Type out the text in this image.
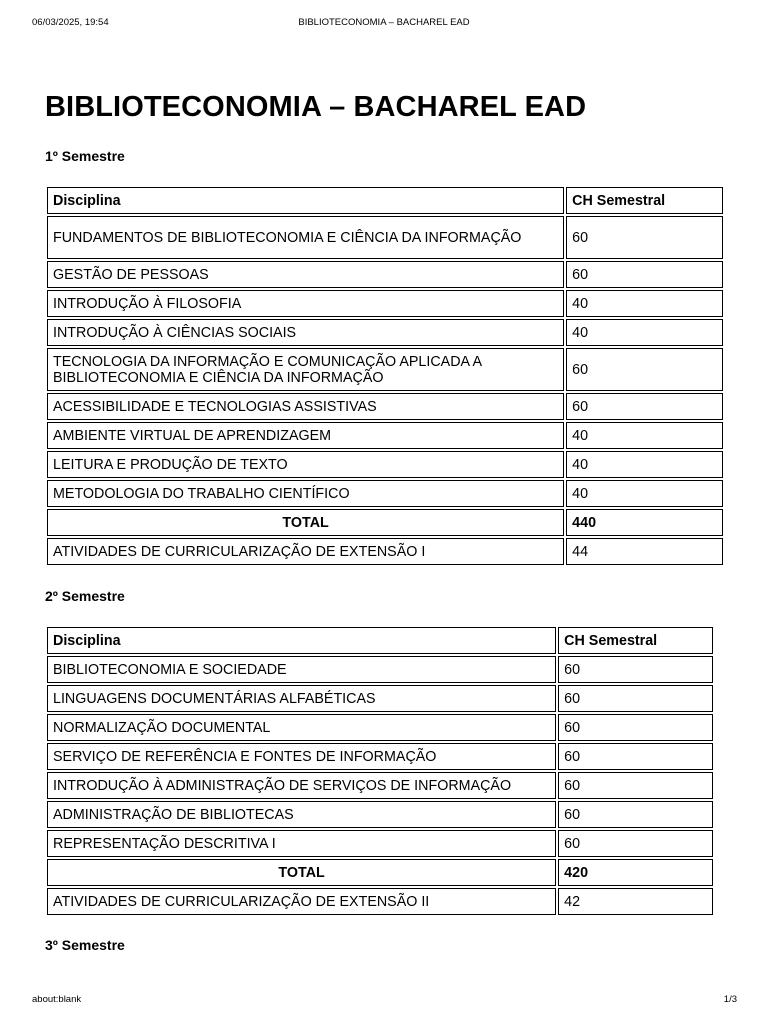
06/03/2025, 19:54	BIBLIOTECONOMIA – BACHAREL EAD
BIBLIOTECONOMIA – BACHAREL EAD
1º Semestre
Disciplina	CH Semestral
FUNDAMENTOS DE BIBLIOTECONOMIA E CIÊNCIA DA INFORMAÇÃO	60
GESTÃO DE PESSOAS	60
INTRODUÇÃO À FILOSOFIA	40
INTRODUÇÃO À CIÊNCIAS SOCIAIS	40
TECNOLOGIA DA INFORMAÇÃO E COMUNICAÇÃO APLICADA A BIBLIOTECONOMIA E CIÊNCIA DA INFORMAÇÃO	60
ACESSIBILIDADE E TECNOLOGIAS ASSISTIVAS	60
AMBIENTE VIRTUAL DE APRENDIZAGEM	40
LEITURA E PRODUÇÃO DE TEXTO	40
METODOLOGIA DO TRABALHO CIENTÍFICO	40
TOTAL	440
ATIVIDADES DE CURRICULARIZAÇÃO DE EXTENSÃO I	44
2º Semestre
Disciplina	CH Semestral
BIBLIOTECONOMIA E SOCIEDADE	60
LINGUAGENS DOCUMENTÁRIAS ALFABÉTICAS	60
NORMALIZAÇÃO DOCUMENTAL	60
SERVIÇO DE REFERÊNCIA E FONTES DE INFORMAÇÃO	60
INTRODUÇÃO À ADMINISTRAÇÃO DE SERVIÇOS DE INFORMAÇÃO	60
ADMINISTRAÇÃO DE BIBLIOTECAS	60
REPRESENTAÇÃO DESCRITIVA I	60
TOTAL	420
ATIVIDADES DE CURRICULARIZAÇÃO DE EXTENSÃO II	42
3º Semestre
about:blank	1/3
